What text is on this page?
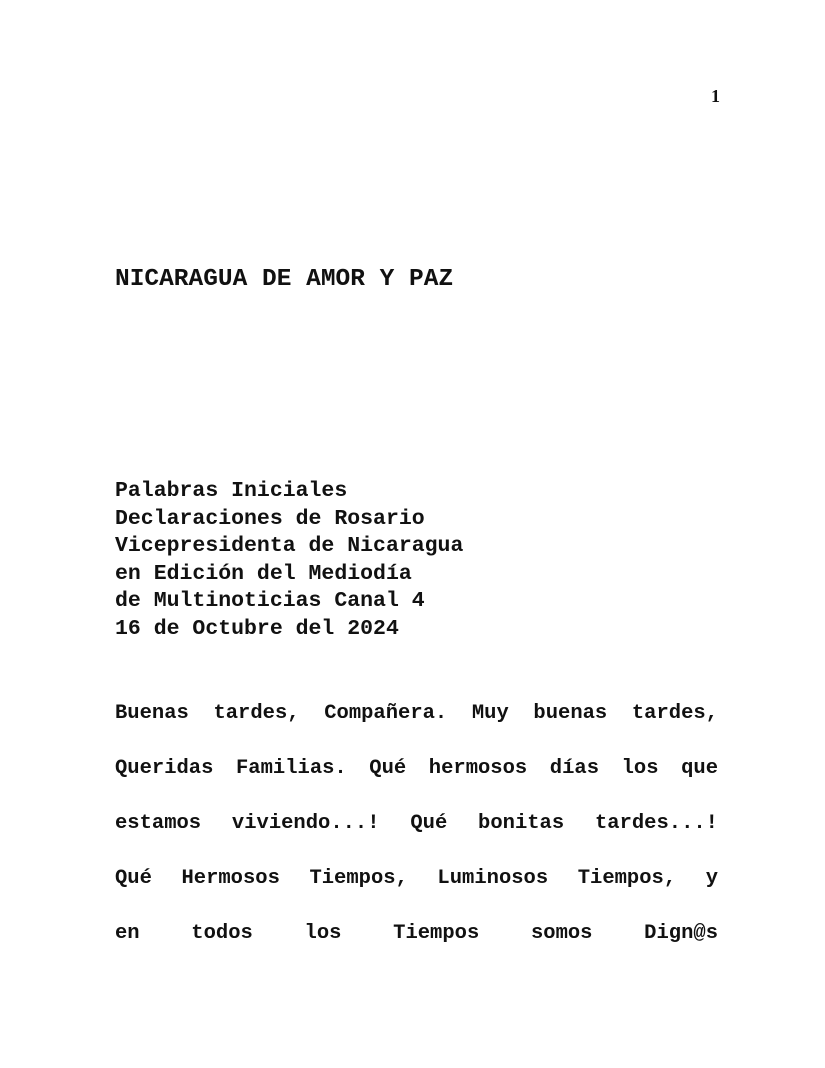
1
NICARAGUA DE AMOR Y PAZ
Palabras Iniciales
Declaraciones de Rosario
Vicepresidenta de Nicaragua
en Edición del Mediodía
de Multinoticias Canal 4
16 de Octubre del 2024
Buenas tardes, Compañera. Muy buenas tardes,
Queridas Familias. Qué hermosos días los que
estamos viviendo...! Qué bonitas tardes...!
Qué Hermosos Tiempos, Luminosos Tiempos, y
en todos los Tiempos somos Dign@s
